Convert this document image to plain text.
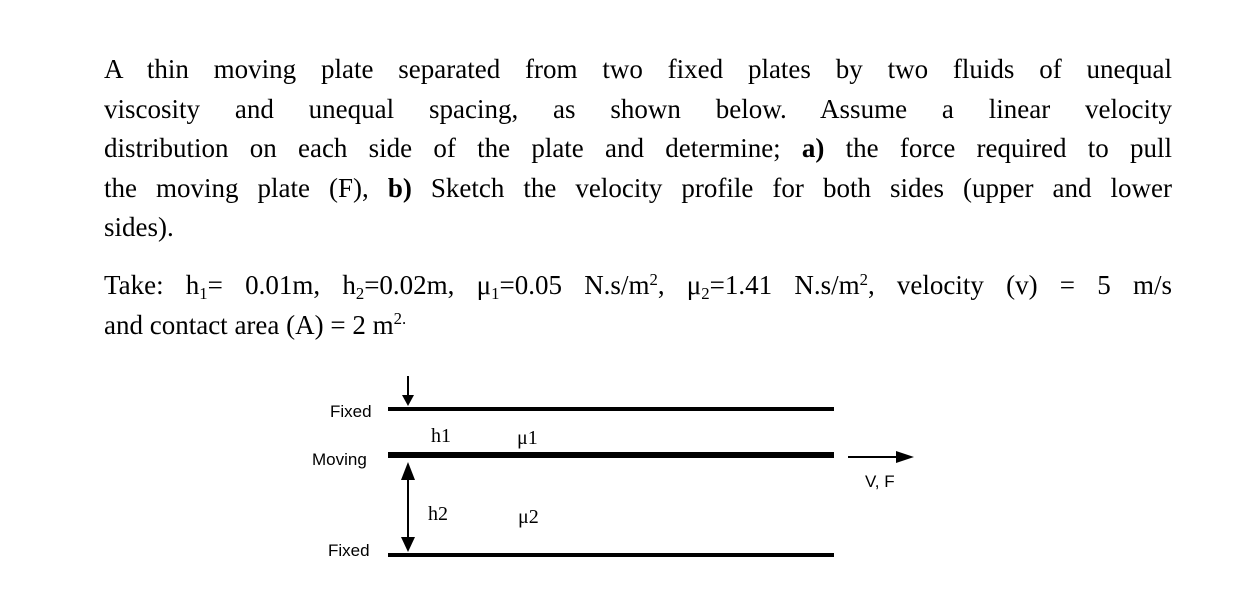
A thin moving plate separated from two fixed plates by two fluids of unequal
viscosity and unequal spacing, as shown below. Assume a linear velocity
distribution on each side of the plate and determine; a) the force required to pull
the moving plate (F), b) Sketch the velocity profile for both sides (upper and lower
sides).
Take: $h_1= 0.01m$, $h_2=0.02m$, $\mu_1=0.05$ $N.s/m^2$, $\mu_2=1.41$ $N.s/m^2$, velocity (v) = 5 m/s
and contact area (A) = 2 $m^{2.}$
Fixed
Moving
Fixed
h1	μ1
h2	μ2
V, F
